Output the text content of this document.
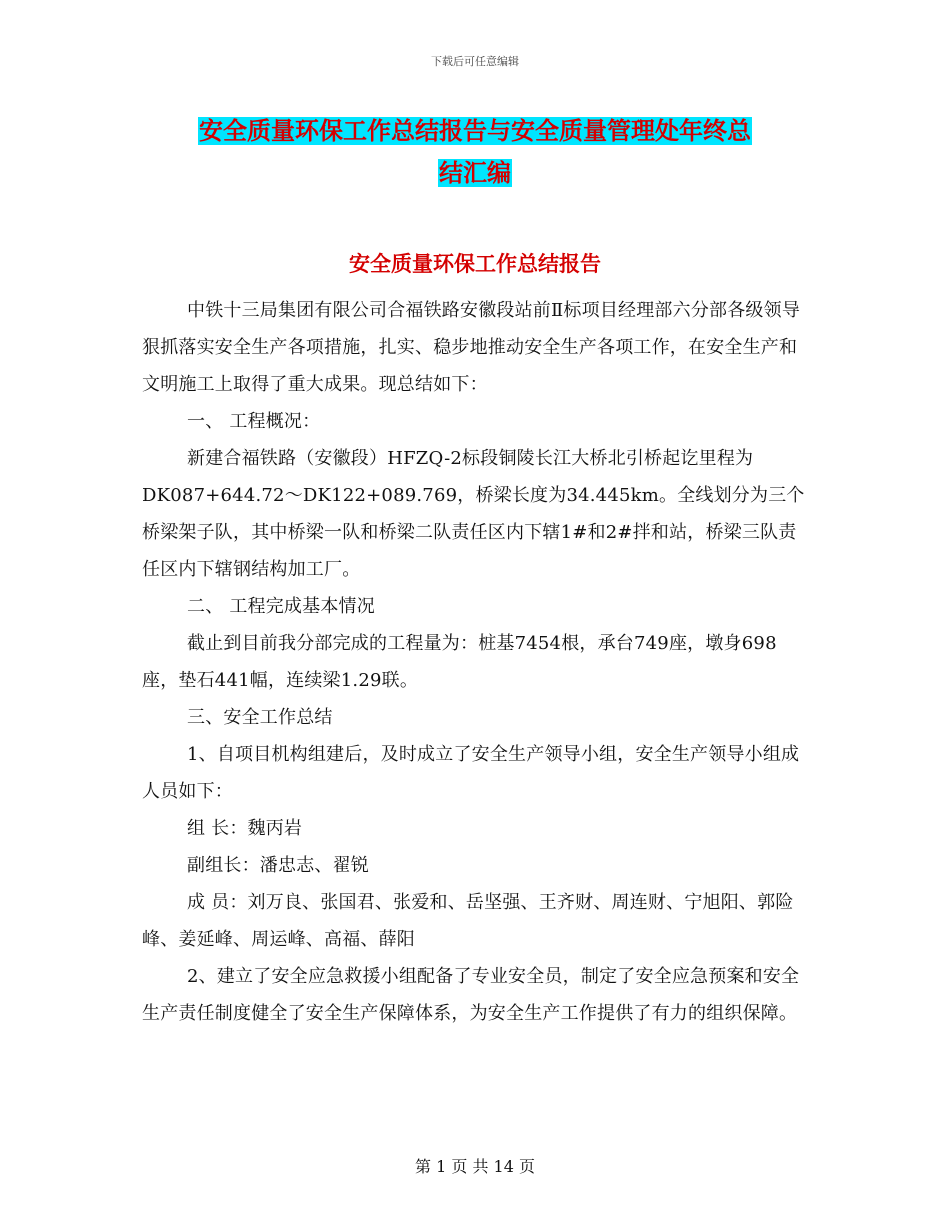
下载后可任意编辑
安全质量环保工作总结报告与安全质量管理处年终总
结汇编
安全质量环保工作总结报告

中铁十三局集团有限公司合福铁路安徽段站前Ⅱ标项目经理部六分部各级领导狠抓落实安全生产各项措施，扎实、稳步地推动安全生产各项工作，在安全生产和文明施工上取得了重大成果。现总结如下：

一、 工程概况：

新建合福铁路（安徽段）HFZQ-2标段铜陵长江大桥北引桥起讫里程为DK087+644.72～DK122+089.769，桥梁长度为34.445km。全线划分为三个桥梁架子队，其中桥梁一队和桥梁二队责任区内下辖1#和2#拌和站，桥梁三队责任区内下辖钢结构加工厂。

二、 工程完成基本情况

截止到目前我分部完成的工程量为：桩基7454根，承台749座，墩身698座，垫石441幅，连续梁1.29联。

三、安全工作总结

1、自项目机构组建后，及时成立了安全生产领导小组，安全生产领导小组成人员如下：

组 长：魏丙岩

副组长：潘忠志、翟锐

成 员：刘万良、张国君、张爱和、岳坚强、王齐财、周连财、宁旭阳、郭险峰、姜延峰、周运峰、高福、薛阳

2、建立了安全应急救援小组配备了专业安全员，制定了安全应急预案和安全生产责任制度健全了安全生产保障体系，为安全生产工作提供了有力的组织保障。

第 1 页 共 14 页
